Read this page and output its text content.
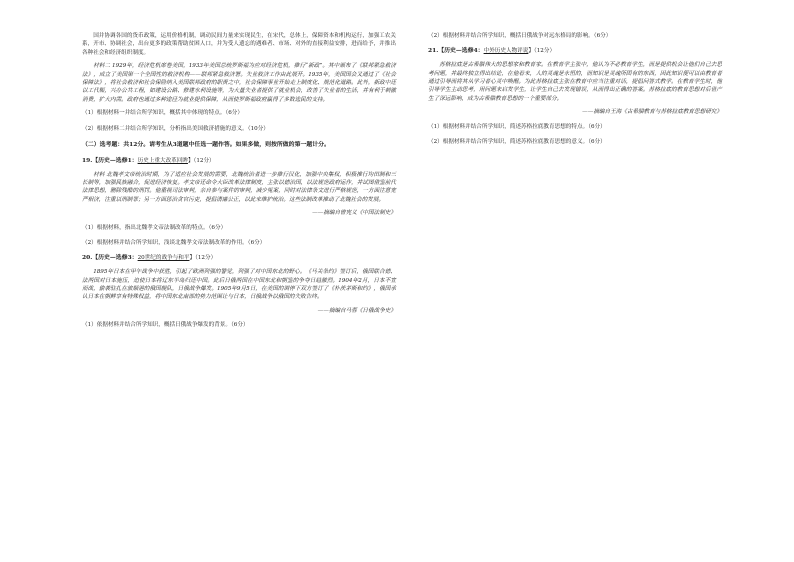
国并协调各国的货币政策，运用价格机制，调动民间力量来实现民生，在宋代，总体上，保障资本和机构运行，加强工农关系，开市、协调社会，出台更多的政策帮助贫困人口，并为受人遗忘的遇难者、市场、对外的直接利益安排，进而给予，并推出各种社会和经济组织制度。

材料二 1929年，经济危机席卷美国，1933年美国总统罗斯福为应对经济危机，推行“新政”。其中颁布了《联邦紧急救济法》，成立了美国第一个全国性的救济机构——联邦紧急救济署。失业救济工作由此展开。1935年，美国国会又通过了《社会保障法》，将社会救济和社会保险纳入美国联邦政府的职责之中，社会保障事业开始走上制度化、规范化道路。此外，新政中还以工代赈，兴办公共工程，如建设公路、修建水利设施等，为大量失业者提供了就业机会，改善了失业者的生活，并有利于刺激消费，扩大内需。政府也通过多种途径为就业提供保障，从而使罗斯福政府赢得了多数选民的支持。

（1）根据材料一并结合所学知识，概括其中体现的特点。（6分）

（2）根据材料二并结合所学知识，分析指出美国救济措施的意义。（10分）

（二）选考题：共12分。请考生从3道题中任选一题作答。如果多做，则按所做的第一题计分。

19.【历史—选修1：历史上重大改革回眸】（12分）

材料 北魏孝文帝统治时期，为了适应社会发展的需要，北魏统治者进一步推行汉化，加强中央集权，积极推行均田制和三长制等，加强民族融合，促进经济恢复。孝文帝还命令大臣改革法律制度，主张以德治国，以法规范政府运作，并试图借鉴前代法律思想，删除残酷的刑罚。他重视司法审判，亲自参与案件的审判，减少冤案，同时对法律条文进行严格规范，一方面注意宽严相济，注重以刑制罪；另一方面惩治贪官污吏，提倡清廉公正，以此来维护统治。这些法制改革推动了北魏社会的发展。

——摘编自曾宪义《中国法制史》

（1）根据材料，指出北魏孝文帝法制改革的特点。（6分）

（2）根据材料并结合所学知识，浅谈北魏孝文帝法制改革的作用。（6分）

20.【历史—选修3：20世纪的战争与和平】（12分）

1895年日本在甲午战争中获胜，引起了欧洲列强的警觉，列强了对中国东北的野心。《马关条约》签订后，俄国联合德、法两国对日本施压，迫使日本将辽东半岛归还中国。此后日俄两国在中国东北和朝鉴的争夺日趋激烈。1904年2月，日本不宣而战，偷袭驻扎在旅顺港的俄国舰队，日俄战争爆发。1905年9月5日，在美国的调停下双方签订了《朴茨茅斯和约》，俄国承认日本在朝鲜享有特殊权益，将中国东北南部的势力范围让与日本，日俄战争以俄国的失败告终。

——摘编自马蓉《日俄战争史》

（1）依据材料并结合所学知识，概括日俄战争爆发的背景。（6分）

（2）根据材料并结合所学知识，概括日俄战争对远东格局的影响。（6分）

21.【历史—选修4：中外历史人物评说】（12分）

苏格拉底是古希腊伟大的思想家和教育家。在教育学主张中，他认为不必教育学生，而是提供机会让他们自己去思考问题，并最终独立得出结论，在他看来，人的灵魂是永恒的，而知识是灵魂所固有的东西，因此知识便可以由教育者通过引导而将其从学习者心灵中唤醒。为此苏格拉底主张在教育中应当注重对话，提倡问答式教学。在教育学生时，他引导学生主动思考，用问题来启发学生，让学生自己去发现错误，从而得出正确的答案。苏格拉底的教育思想对后世产生了深远影响，成为古希腊教育思想的一个重要部分。

——摘编自王海《古希腊教育与苏格拉底教育思想研究》

（1）根据材料并结合所学知识，简述苏格拉底教育思想的特点。（6分）

（2）根据材料并结合所学知识，简述苏格拉底教育思想的意义。（6分）
